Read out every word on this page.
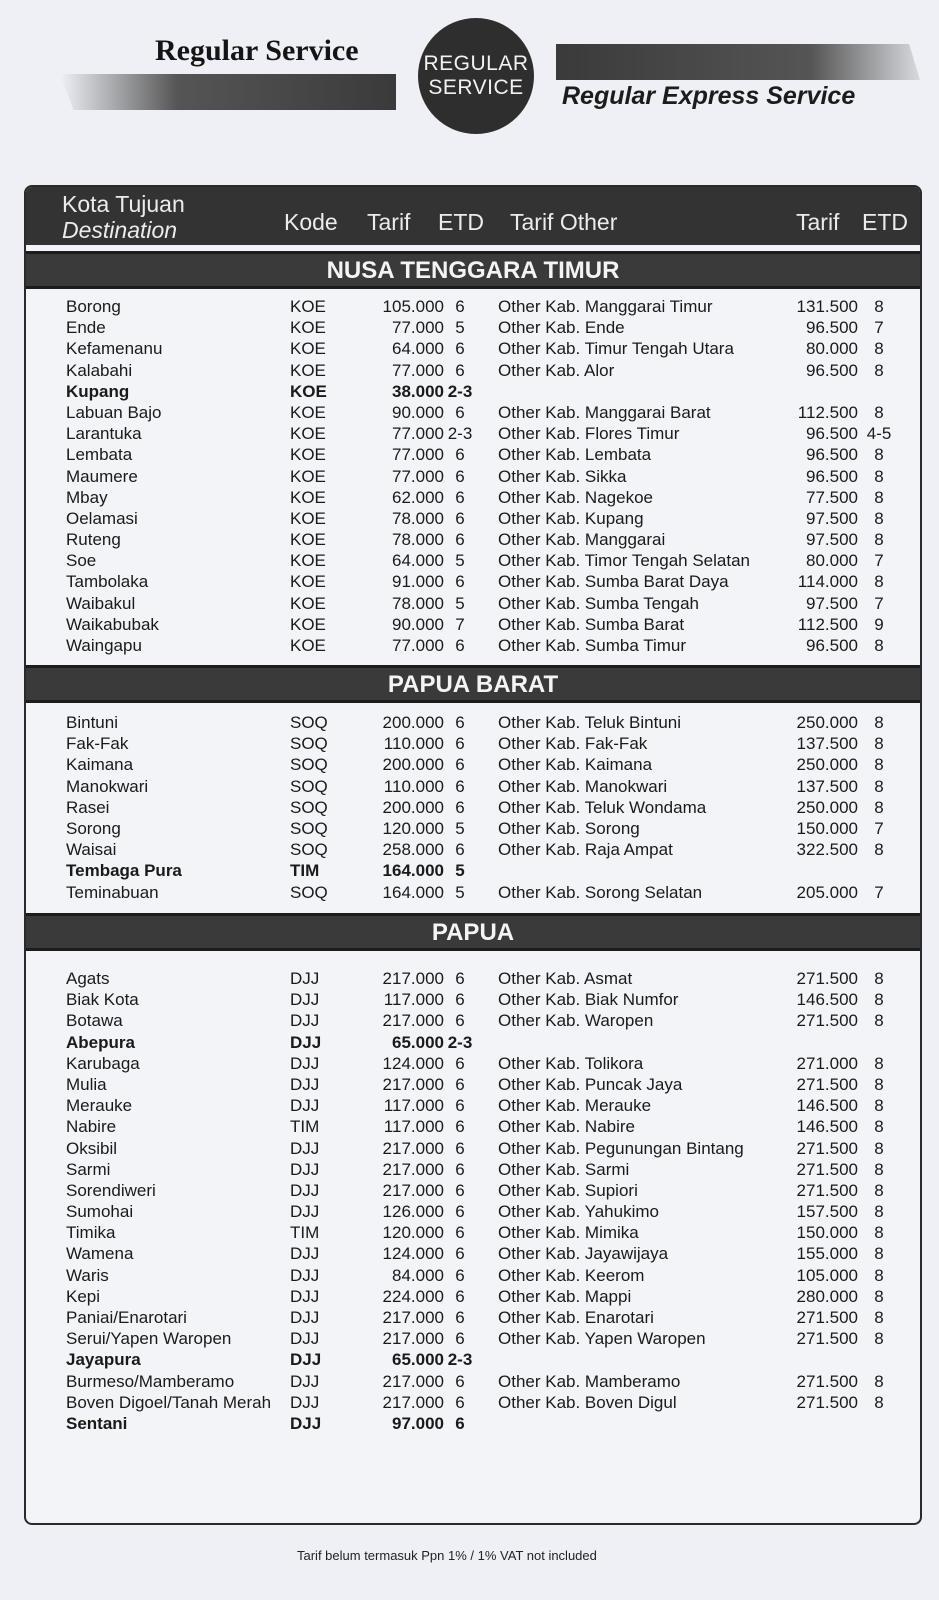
Regular Service	REGULAR
SERVICE Regular Express Service
Kota Tujuan
Destination	Kode Tarif ETD Tarif Other	Tarif ETD
NUSA TENGGARA TIMUR
Borong	KOE	105.000 6	Other Kab. Manggarai Timur	131.500 8
Ende	KOE	77.000 5	Other Kab. Ende	96.500 7
Kefamenanu	KOE	64.000 6	Other Kab. Timur Tengah Utara	80.000 8
Kalabahi	KOE	77.000 6	Other Kab. Alor	96.500 8
Kupang	KOE	38.000 2-3
Labuan Bajo	KOE	90.000 6	Other Kab. Manggarai Barat	112.500 8
Larantuka	KOE	77.000 2-3	Other Kab. Flores Timur	96.500 4-5
Lembata	KOE	77.000 6	Other Kab. Lembata	96.500 8
Maumere	KOE	77.000 6	Other Kab. Sikka	96.500 8
Mbay	KOE	62.000 6	Other Kab. Nagekoe	77.500 8
Oelamasi	KOE	78.000 6	Other Kab. Kupang	97.500 8
Ruteng	KOE	78.000 6	Other Kab. Manggarai	97.500 8
Soe	KOE	64.000 5	Other Kab. Timor Tengah Selatan	80.000 7
Tambolaka	KOE	91.000 6	Other Kab. Sumba Barat Daya	114.000 8
Waibakul	KOE	78.000 5	Other Kab. Sumba Tengah	97.500 7
Waikabubak	KOE	90.000 7	Other Kab. Sumba Barat	112.500 9
Waingapu	KOE	77.000 6	Other Kab. Sumba Timur	96.500 8
PAPUA BARAT
Bintuni	SOQ	200.000 6	Other Kab. Teluk Bintuni	250.000 8
Fak-Fak	SOQ	110.000 6	Other Kab. Fak-Fak	137.500 8
Kaimana	SOQ	200.000 6	Other Kab. Kaimana	250.000 8
Manokwari	SOQ	110.000 6	Other Kab. Manokwari	137.500 8
Rasei	SOQ	200.000 6	Other Kab. Teluk Wondama	250.000 8
Sorong	SOQ	120.000 5	Other Kab. Sorong	150.000 7
Waisai	SOQ	258.000 6	Other Kab. Raja Ampat	322.500 8
Tembaga Pura	TIM	164.000 5
Teminabuan	SOQ	164.000 5	Other Kab. Sorong Selatan	205.000 7
PAPUA
Agats	DJJ	217.000 6	Other Kab. Asmat	271.500 8
Biak Kota	DJJ	117.000 6	Other Kab. Biak Numfor	146.500 8
Botawa	DJJ	217.000 6	Other Kab. Waropen	271.500 8
Abepura	DJJ	65.000 2-3
Karubaga	DJJ	124.000 6	Other Kab. Tolikora	271.000 8
Mulia	DJJ	217.000 6	Other Kab. Puncak Jaya	271.500 8
Merauke	DJJ	117.000 6	Other Kab. Merauke	146.500 8
Nabire	TIM	117.000 6	Other Kab. Nabire	146.500 8
Oksibil	DJJ	217.000 6	Other Kab. Pegunungan Bintang	271.500 8
Sarmi	DJJ	217.000 6	Other Kab. Sarmi	271.500 8
Sorendiweri	DJJ	217.000 6	Other Kab. Supiori	271.500 8
Sumohai	DJJ	126.000 6	Other Kab. Yahukimo	157.500 8
Timika	TIM	120.000 6	Other Kab. Mimika	150.000 8
Wamena	DJJ	124.000 6	Other Kab. Jayawijaya	155.000 8
Waris	DJJ	84.000 6	Other Kab. Keerom	105.000 8
Kepi	DJJ	224.000 6	Other Kab. Mappi	280.000 8
Paniai/Enarotari	DJJ	217.000 6	Other Kab. Enarotari	271.500 8
Serui/Yapen Waropen	DJJ	217.000 6	Other Kab. Yapen Waropen	271.500 8
Jayapura	DJJ	65.000 2-3
Burmeso/Mamberamo	DJJ	217.000 6	Other Kab. Mamberamo	271.500 8
Boven Digoel/Tanah Merah DJJ	217.000 6	Other Kab. Boven Digul	271.500 8
Sentani	DJJ	97.000 6
Tarif belum termasuk Ppn 1% / 1% VAT not included
